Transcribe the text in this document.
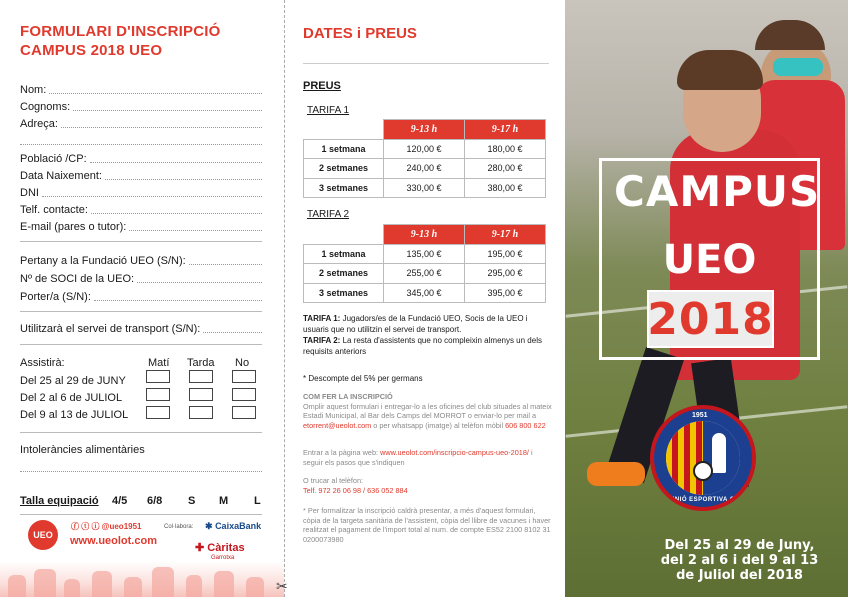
FORMULARI D'INSCRIPCIÓ
CAMPUS 2018 UEO
Nom:
Cognoms:
Adreça:
Població /CP:
Data Naixement:
DNI
Telf. contacte:
E-mail (pares o tutor):
Pertany a la Fundació UEO (S/N):
Nº de SOCI de la UEO:
Porter/a (S/N):
Utilitzarà el servei de transport (S/N):
Assistirà:	Matí Tarda No
Del 25 al 29 de JUNY
Del 2 al 6 de JULIOL
Del 9 al 13 de JULIOL
Intoleràncies alimentàries
Talla equipació 4/5 6/8 S M L
UEO
ⓕ ⓣ ⓘ @ueo1951
www.ueolot.com
Col·labora: ✱ CaixaBank
✚ Càritas
Garrotxa
✂
DATES i PREUS
PREUS
TARIFA 1
	9-13 h	9-17 h
1 setmana	120,00 €	180,00 €
2 setmanes	240,00 €	280,00 €
3 setmanes	330,00 €	380,00 €
TARIFA 2
	9-13 h	9-17 h
1 setmana	135,00 €	195,00 €
2 setmanes	255,00 €	295,00 €
3 setmanes	345,00 €	395,00 €
TARIFA 1: Jugadors/es de la Fundació UEO, Socis de la UEO i usuaris que no utilitzin el servei de transport.
TARIFA 2: La resta d'assistents que no compleixin almenys un dels requisits anteriors
* Descompte del 5% per germans
COM FER LA INSCRIPCIÓ
Omplir aquest formulari i entregar-lo a les oficines del club situades al mateix Estadi Municipal, al Bar dels Camps del MORROT o enviar-lo per mail a etorrent@ueolot.com o per whatsapp (imatge) al telèfon mòbil 606 800 622
Entrar a la pàgina web: www.ueolot.com/inscripcio-campus-ueo-2018/ i seguir els pasos que s'indiquen
O trucar al telèfon:
Telf. 972 26 06 98 / 636 052 884
* Per formalitzar la inscripció caldrà presentar, a més d'aquest formulari, còpia de la targeta sanitària de l'assistent, còpia del llibre de vacunes i haver realitzat el pagament de l'import total al num. de compte ES52 2100 8102 31 0200073980
CAMPUS
UEO
2018
1951
UNIÓ ESPORTIVA OLOT
Del 25 al 29 de Juny,
del 2 al 6 i del 9 al 13
de Juliol del 2018
